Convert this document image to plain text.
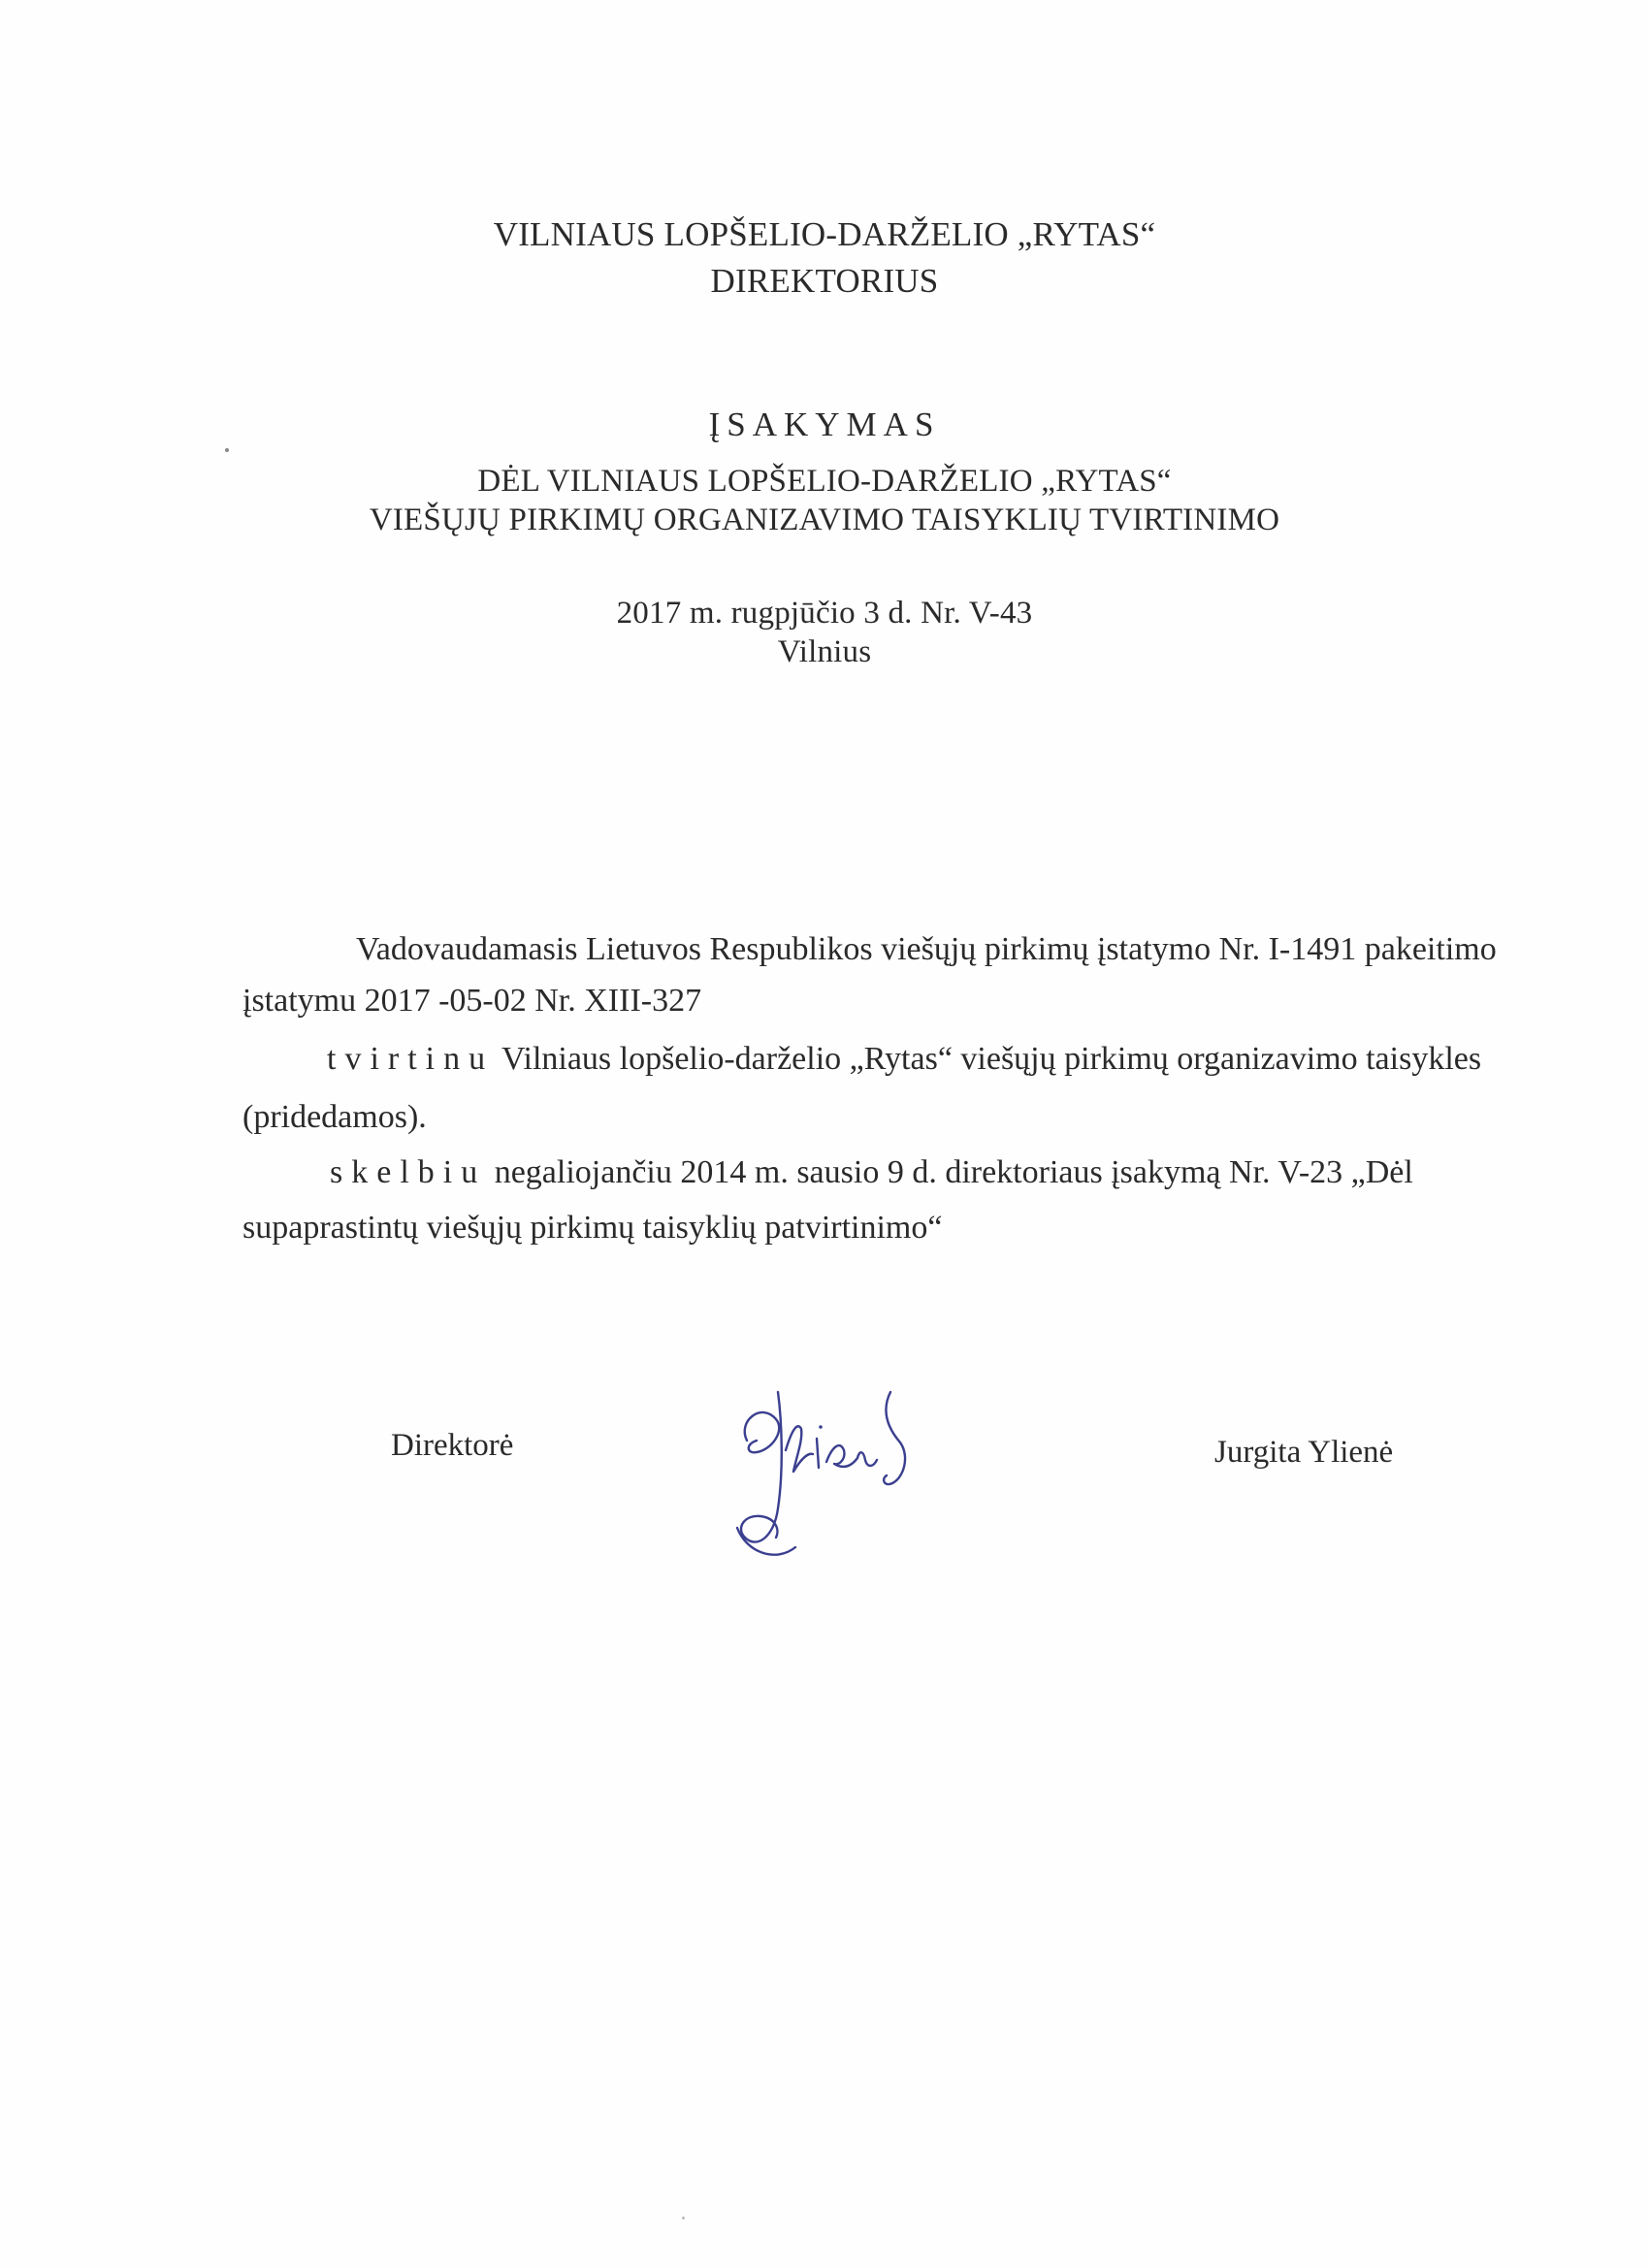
VILNIAUS LOPŠELIO-DARŽELIO „RYTAS“
DIREKTORIUS
ĮSAKYMAS
DĖL VILNIAUS LOPŠELIO-DARŽELIO „RYTAS“
VIEŠŲJŲ PIRKIMŲ ORGANIZAVIMO TAISYKLIŲ TVIRTINIMO
2017 m. rugpjūčio 3 d. Nr. V-43
Vilnius
Vadovaudamasis Lietuvos Respublikos viešųjų pirkimų įstatymo Nr. I-1491 pakeitimo
įstatymu 2017 -05-02 Nr. XIII-327
tvirtinu Vilniaus lopšelio-darželio „Rytas“ viešųjų pirkimų organizavimo taisykles
(pridedamos).
skelbiu negaliojančiu 2014 m. sausio 9 d. direktoriaus įsakymą Nr. V-23 „Dėl
supaprastintų viešųjų pirkimų taisyklių patvirtinimo“
Direktorė	Jurgita Ylienė
